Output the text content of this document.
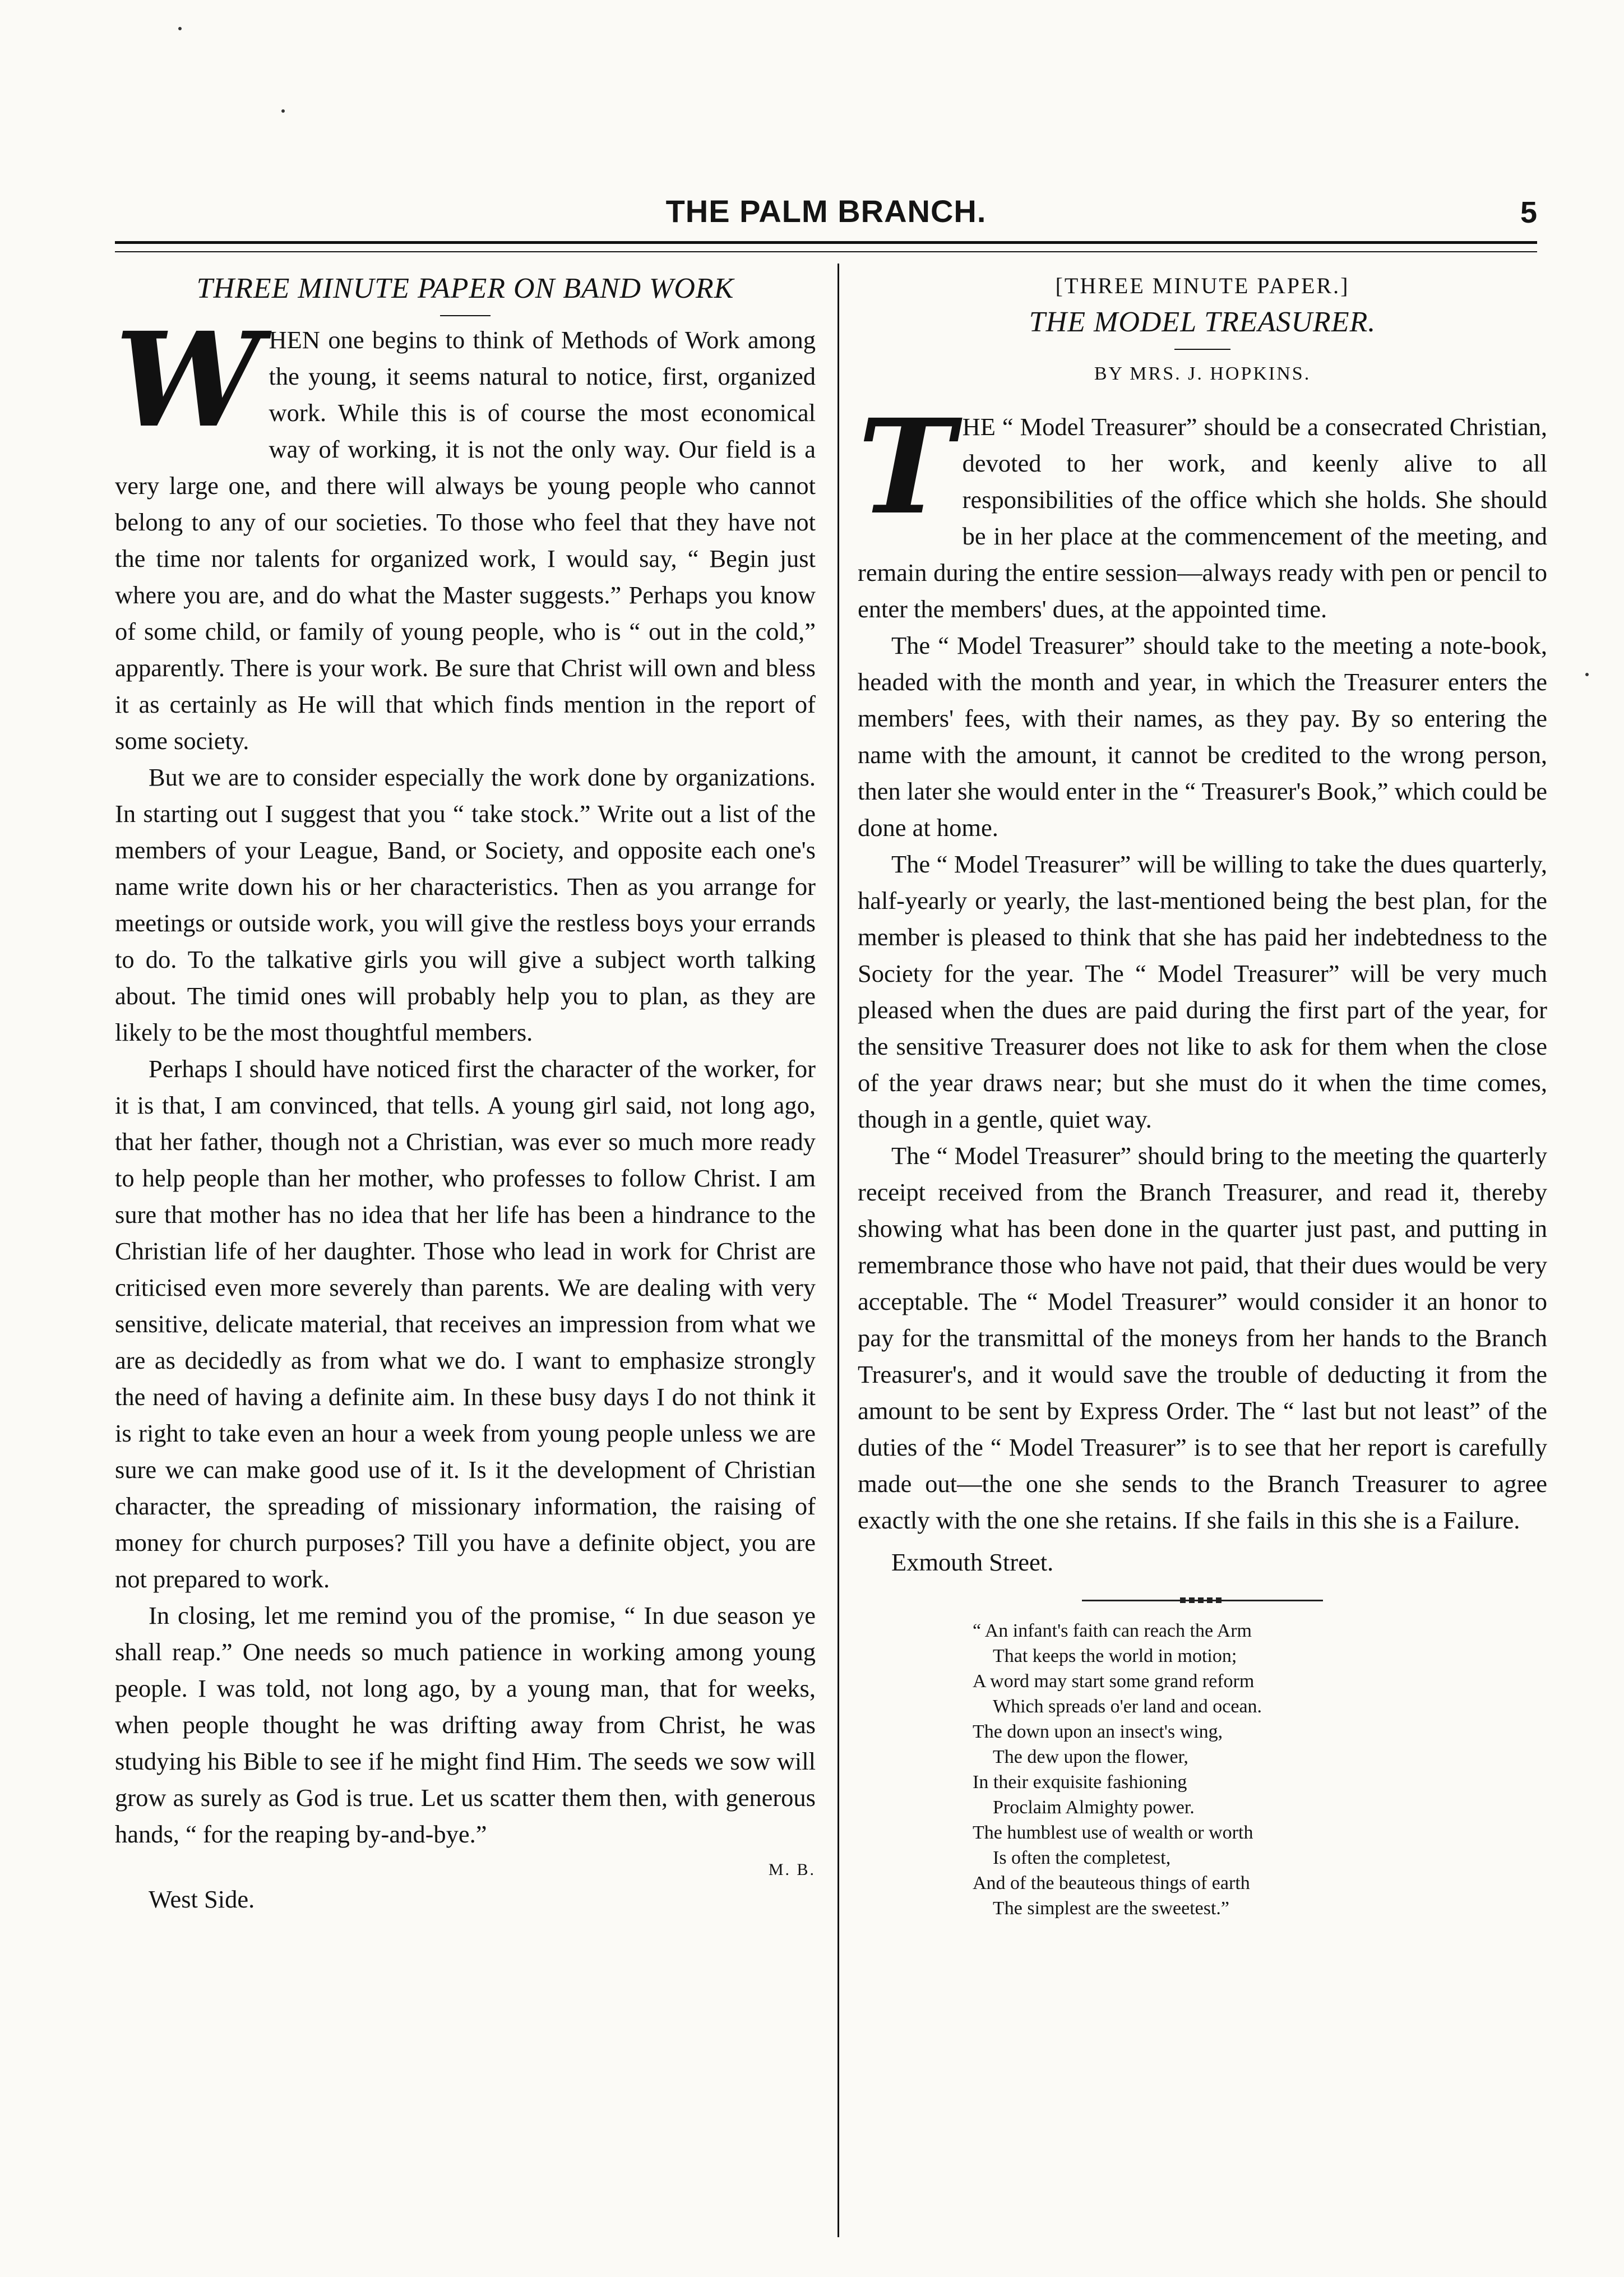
THE PALM BRANCH.	5
THREE MINUTE PAPER ON BAND WORK

WHEN one begins to think of Methods of Work among the young, it seems natural to notice, first, organized work. While this is of course the most economical way of working, it is not the only way. Our field is a very large one, and there will always be young people who cannot belong to any of our societies. To those who feel that they have not the time nor talents for organized work, I would say, “ Begin just where you are, and do what the Master suggests.” Perhaps you know of some child, or family of young people, who is “ out in the cold,” apparently. There is your work. Be sure that Christ will own and bless it as certainly as He will that which finds mention in the report of some society.

But we are to consider especially the work done by organizations. In starting out I suggest that you “ take stock.” Write out a list of the members of your League, Band, or Society, and opposite each one's name write down his or her characteristics. Then as you arrange for meetings or outside work, you will give the restless boys your errands to do. To the talkative girls you will give a subject worth talking about. The timid ones will probably help you to plan, as they are likely to be the most thoughtful members.

Perhaps I should have noticed first the character of the worker, for it is that, I am convinced, that tells. A young girl said, not long ago, that her father, though not a Christian, was ever so much more ready to help people than her mother, who professes to follow Christ. I am sure that mother has no idea that her life has been a hindrance to the Christian life of her daughter. Those who lead in work for Christ are criticised even more severely than parents. We are dealing with very sensitive, delicate material, that receives an impression from what we are as decidedly as from what we do. I want to emphasize strongly the need of having a definite aim. In these busy days I do not think it is right to take even an hour a week from young people unless we are sure we can make good use of it. Is it the development of Christian character, the spreading of missionary information, the raising of money for church purposes? Till you have a definite object, you are not prepared to work.

In closing, let me remind you of the promise, “ In due season ye shall reap.” One needs so much patience in working among young people. I was told, not long ago, by a young man, that for weeks, when people thought he was drifting away from Christ, he was studying his Bible to see if he might find Him. The seeds we sow will grow as surely as God is true. Let us scatter them then, with generous hands, “ for the reaping by-and-bye.”

M. B.

West Side.

[THREE MINUTE PAPER.]
THE MODEL TREASURER.
BY MRS. J. HOPKINS.

THE “ Model Treasurer” should be a consecrated Christian, devoted to her work, and keenly alive to all responsibilities of the office which she holds. She should be in her place at the commencement of the meeting, and remain during the entire session—always ready with pen or pencil to enter the members' dues, at the appointed time.

The “ Model Treasurer” should take to the meeting a note-book, headed with the month and year, in which the Treasurer enters the members' fees, with their names, as they pay. By so entering the name with the amount, it cannot be credited to the wrong person, then later she would enter in the “ Treasurer's Book,” which could be done at home.

The “ Model Treasurer” will be willing to take the dues quarterly, half-yearly or yearly, the last-mentioned being the best plan, for the member is pleased to think that she has paid her indebtedness to the Society for the year. The “ Model Treasurer” will be very much pleased when the dues are paid during the first part of the year, for the sensitive Treasurer does not like to ask for them when the close of the year draws near; but she must do it when the time comes, though in a gentle, quiet way.

The “ Model Treasurer” should bring to the meeting the quarterly receipt received from the Branch Treasurer, and read it, thereby showing what has been done in the quarter just past, and putting in remembrance those who have not paid, that their dues would be very acceptable. The “ Model Treasurer” would consider it an honor to pay for the transmittal of the moneys from her hands to the Branch Treasurer's, and it would save the trouble of deducting it from the amount to be sent by Express Order. The “ last but not least” of the duties of the “ Model Treasurer” is to see that her report is carefully made out—the one she sends to the Branch Treasurer to agree exactly with the one she retains. If she fails in this she is a Failure.

Exmouth Street.

“ An infant's faith can reach the Arm
That keeps the world in motion;
A word may start some grand reform
Which spreads o'er land and ocean.
The down upon an insect's wing,
The dew upon the flower,
In their exquisite fashioning
Proclaim Almighty power.
The humblest use of wealth or worth
Is often the completest,
And of the beauteous things of earth
The simplest are the sweetest.”
